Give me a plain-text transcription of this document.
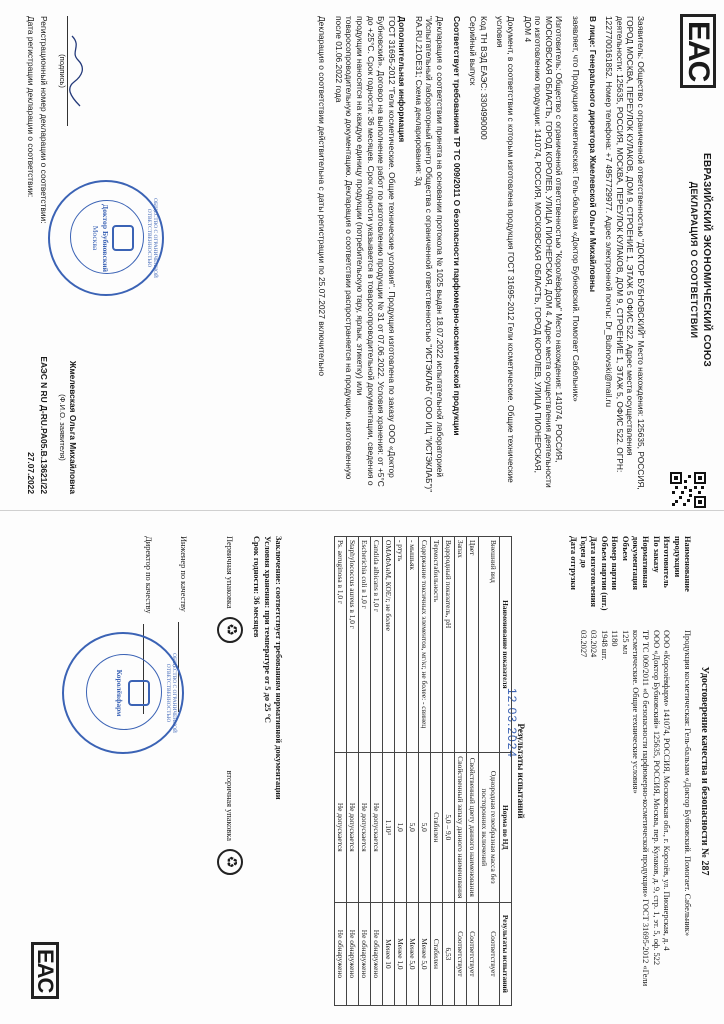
EAC
ЕВРАЗИЙСКИЙ ЭКОНОМИЧЕСКИЙ СОЮЗ
ДЕКЛАРАЦИЯ О СООТВЕТСТВИИ

Заявитель: Общество с ограниченной ответственностью "ДОКТОР БУБНОВСКИЙ" Место нахождения: 125635, РОССИЯ, ГОРОД МОСКВА, ПЕРЕУЛОК КУЛАКОВ, ДОМ 9, СТРОЕНИЕ 1, ЭТАЖ 5 ОФИС 522. Адрес места осуществления деятельности: 125635, РОССИЯ, МОСКВА, ПЕРЕУЛОК КУЛАКОВ, ДОМ 9, СТРОЕНИЕ 1, ЭТАЖ 5, ОФИС 522. ОГРН: 1227700161852. Номер телефона: +7 4957729977. Адрес электронной почты: Dr_Bubnovski@mail.ru

В лице: Генерального директора Жмелевской Ольги Михайловны

заявляет, что Продукция косметическая: Гель-бальзам «Доктор Бубновский. Помогает Сабельник»

Изготовитель: Общество с ограниченной ответственностью "Королёвфарм" Место нахождения: 141074, РОССИЯ, МОСКОВСКАЯ ОБЛАСТЬ, ГОРОД КОРОЛЕВ, УЛИЦА ПИОНЕРСКАЯ, ДОМ 4. Адрес места осуществления деятельности по изготовлению продукции: 141074, РОССИЯ, МОСКОВСКАЯ ОБЛАСТЬ, ГОРОД КОРОЛЕВ, УЛИЦА ПИОНЕРСКАЯ, ДОМ 4

Документ, в соответствии с которым изготовлена продукция ГОСТ 31695-2012 Гели косметические. Общие технические условия

Код ТН ВЭД ЕАЭС: 3304990000

Серийный выпуск

Соответствует требованиям ТР ТС 009/2011 О безопасности парфюмерно-косметической продукции

Декларация о соответствии принята на основании протокола № 1025 выдан 18.07.2022 испытательной лабораторией "Испытательный лабораторный центр Общества с ограниченной ответственностью "ИСТЭКЛАБ" (ООО ИЦ "ИСТЭКЛАБ")" RA.RU.21ОЕ31; Схема декларирования: 3д

Дополнительная информация

ГОСТ 31695-2012 "Гели косметические. Общие технические условия". Продукция изготовлена по заказу ООО «Доктор Бубновский». Договор на выполнение работ по изготовлению продукции № 31 от 07.06.2022. Условия хранения: от +5°C до +25°C. Срок годности: 36 месяцев. Срок годности указывается в товаросопроводительной документации, сведения о продукции наносятся на каждую единицу продукции (потребительскую тару, ярлык, этикетку) или товаросопроводительную документацию. Декларация о соответствии распространяется на продукцию, изготовленную после 01.06.2022 года

Декларация о соответствии действительна с даты регистрации по 25.07.2027 включительно

(подпись)
Жмелевская Ольга Михайловна
(Ф.И.О. заявителя)
Регистрационный номер декларации о соответствии:
ЕАЭС N RU Д-RU.РА05.В.13621/22
Дата регистрации декларации о соответствии:
27.07.2022
Доктор Бубновский
Москва	ОБЩЕСТВО С ОГРАНИЧЕННОЙ ОТВЕТСТВЕННОСТЬЮ
Удостоверение качества и безопасности № 287
Наименование продукции
Продукция косметическая: Гель-бальзам «Доктор Бубновский. Помогает. Сабельник»
Изготовитель
ООО «Королёвфарм» 141074, РОССИЯ, Московская обл., г. Королёв, ул. Пионерская, д. 4
По заказу
ООО «Доктор Бубновский» 125635, РОССИЯ, Москва, пер. Кулаков, д. 9, стр. 1, эт. 5, оф. 522
Нормативная документация
ТР ТС 009/2011 «О безопасности парфюмерно-косметической продукции» ГОСТ 31695-2012 «Гели косметические. Общие технические условия»
Объем
125 мл
Номер партии
1180
Объем партии (шт.)
1948 шт.
Дата изготовления
03.2024
Годен до
03.2027
Дата отгрузки
12.03.2024
Результаты испытаний
Наименование показателя	Норма по НД	Результаты испытаний
Внешний вид	Однородная гелеобразная масса без посторонних включений	Соответствует
Цвет	Свойственный цвету данного наименования	Соответствует
Запах	Свойственный запаху данного наименования	Соответствует
Водородный показатель, pH	5,0 – 9,0	6,53
Термостабильность	Стабилен	Стабилен
Содержание токсичных элементов, мг/кг, не более: - свинец	5,0	Менее 5,0
- мышьяк	5,0	Менее 5,0
- ртуть	1,0	Менее 1,0
ОМАФАнМ, КОЕ/г, не более	1.10³	Менее 10
Candida albicans в 1,0 г	Не допускается	Не обнаружено
Escherichia coli в 1,0 г	Не допускается	Не обнаружено
Staphylococcus aureus в 1,0 г	Не допускается	Не обнаружено
Ps. aeruginosa в 1,0 г	Не допускается	Не обнаружено
Заключение: соответствует требованиям нормативной документации
Условия хранения: при температуре от 5 до 25 °C
Срок годности: 36 месяцев
Первичная упаковка
♻
вторичная упаковка
♻
Инженер по качеству
Директор по качеству
EAC
Королёвфарм	ОБЩЕСТВО С ОГРАНИЧЕННОЙ ОТВЕТСТВЕННОСТЬЮ
